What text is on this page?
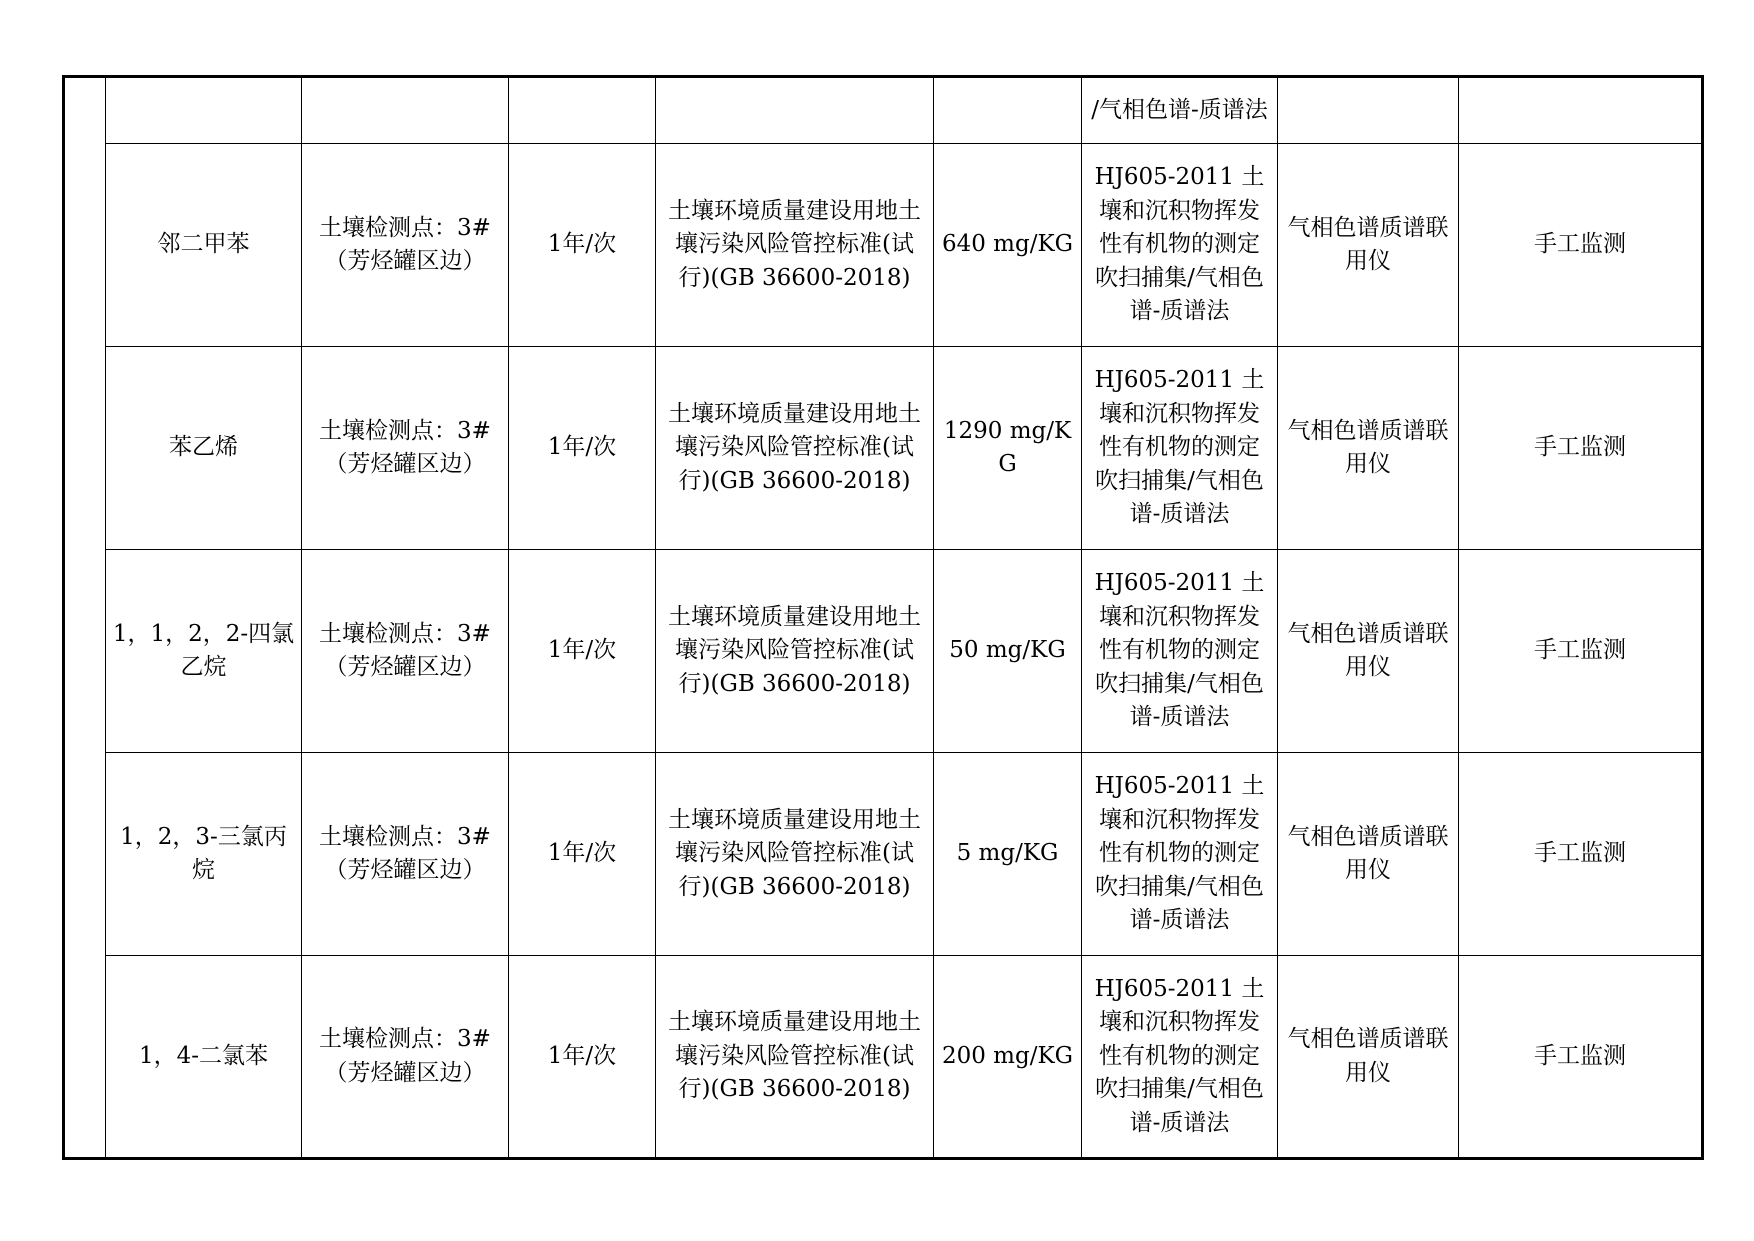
						/气相色谱-质谱法		

	邻二甲苯	土壤检测点：3#（芳烃罐区边）	1年/次	土壤环境质量建设用地土壤污染风险管控标准(试行)(GB 36600-2018)	640 mg/KG	HJ605-2011 土壤和沉积物挥发性有机物的测定吹扫捕集/气相色谱-质谱法	气相色谱质谱联用仪	手工监测

	苯乙烯	土壤检测点：3#（芳烃罐区边）	1年/次	土壤环境质量建设用地土壤污染风险管控标准(试行)(GB 36600-2018)	1290 mg/KG	HJ605-2011 土壤和沉积物挥发性有机物的测定吹扫捕集/气相色谱-质谱法	气相色谱质谱联用仪	手工监测

	1，1，2，2-四氯乙烷	土壤检测点：3#（芳烃罐区边）	1年/次	土壤环境质量建设用地土壤污染风险管控标准(试行)(GB 36600-2018)	50 mg/KG	HJ605-2011 土壤和沉积物挥发性有机物的测定吹扫捕集/气相色谱-质谱法	气相色谱质谱联用仪	手工监测

	1，2，3-三氯丙烷	土壤检测点：3#（芳烃罐区边）	1年/次	土壤环境质量建设用地土壤污染风险管控标准(试行)(GB 36600-2018)	5 mg/KG	HJ605-2011 土壤和沉积物挥发性有机物的测定吹扫捕集/气相色谱-质谱法	气相色谱质谱联用仪	手工监测

	1，4-二氯苯	土壤检测点：3#（芳烃罐区边）	1年/次	土壤环境质量建设用地土壤污染风险管控标准(试行)(GB 36600-2018)	200 mg/KG	HJ605-2011 土壤和沉积物挥发性有机物的测定吹扫捕集/气相色谱-质谱法	气相色谱质谱联用仪	手工监测
